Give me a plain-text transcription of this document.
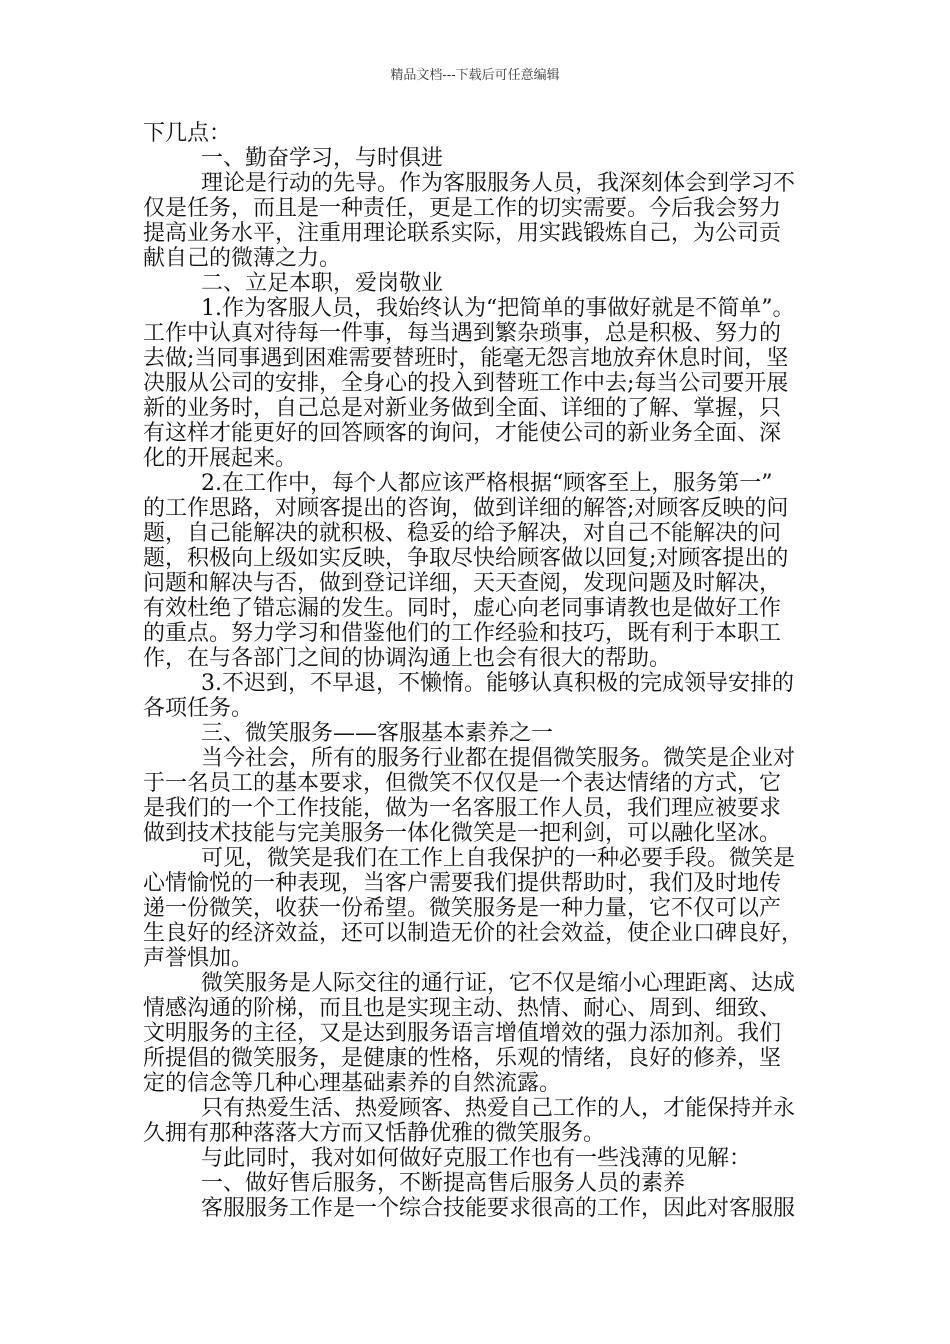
精品文档---下载后可任意编辑
下几点：
一、勤奋学习，与时俱进
理论是行动的先导。作为客服服务人员，我深刻体会到学习不
仅是任务，而且是一种责任，更是工作的切实需要。今后我会努力
提高业务水平，注重用理论联系实际，用实践锻炼自己，为公司贡
献自己的微薄之力。
二、立足本职，爱岗敬业
1.作为客服人员，我始终认为“把简单的事做好就是不简单”。
工作中认真对待每一件事，每当遇到繁杂琐事，总是积极、努力的
去做;当同事遇到困难需要替班时，能毫无怨言地放弃休息时间，坚
决服从公司的安排，全身心的投入到替班工作中去;每当公司要开展
新的业务时，自己总是对新业务做到全面、详细的了解、掌握，只
有这样才能更好的回答顾客的询问，才能使公司的新业务全面、深
化的开展起来。
2.在工作中，每个人都应该严格根据“顾客至上，服务第一”
的工作思路，对顾客提出的咨询，做到详细的解答;对顾客反映的问
题，自己能解决的就积极、稳妥的给予解决，对自己不能解决的问
题，积极向上级如实反映，争取尽快给顾客做以回复;对顾客提出的
问题和解决与否，做到登记详细，天天查阅，发现问题及时解决，
有效杜绝了错忘漏的发生。同时，虚心向老同事请教也是做好工作
的重点。努力学习和借鉴他们的工作经验和技巧，既有利于本职工
作，在与各部门之间的协调沟通上也会有很大的帮助。
3.不迟到，不早退，不懒惰。能够认真积极的完成领导安排的
各项任务。
三、微笑服务——客服基本素养之一
当今社会，所有的服务行业都在提倡微笑服务。微笑是企业对
于一名员工的基本要求，但微笑不仅仅是一个表达情绪的方式，它
是我们的一个工作技能，做为一名客服工作人员，我们理应被要求
做到技术技能与完美服务一体化微笑是一把利剑，可以融化坚冰。
可见，微笑是我们在工作上自我保护的一种必要手段。微笑是
心情愉悦的一种表现，当客户需要我们提供帮助时，我们及时地传
递一份微笑，收获一份希望。微笑服务是一种力量，它不仅可以产
生良好的经济效益，还可以制造无价的社会效益，使企业口碑良好，
声誉惧加。
微笑服务是人际交往的通行证，它不仅是缩小心理距离、达成
情感沟通的阶梯，而且也是实现主动、热情、耐心、周到、细致、
文明服务的主径，又是达到服务语言增值增效的强力添加剂。我们
所提倡的微笑服务，是健康的性格，乐观的情绪，良好的修养，坚
定的信念等几种心理基础素养的自然流露。
只有热爱生活、热爱顾客、热爱自己工作的人，才能保持并永
久拥有那种落落大方而又恬静优雅的微笑服务。
与此同时，我对如何做好克服工作也有一些浅薄的见解：
一、做好售后服务，不断提高售后服务人员的素养
客服服务工作是一个综合技能要求很高的工作，因此对客服服
